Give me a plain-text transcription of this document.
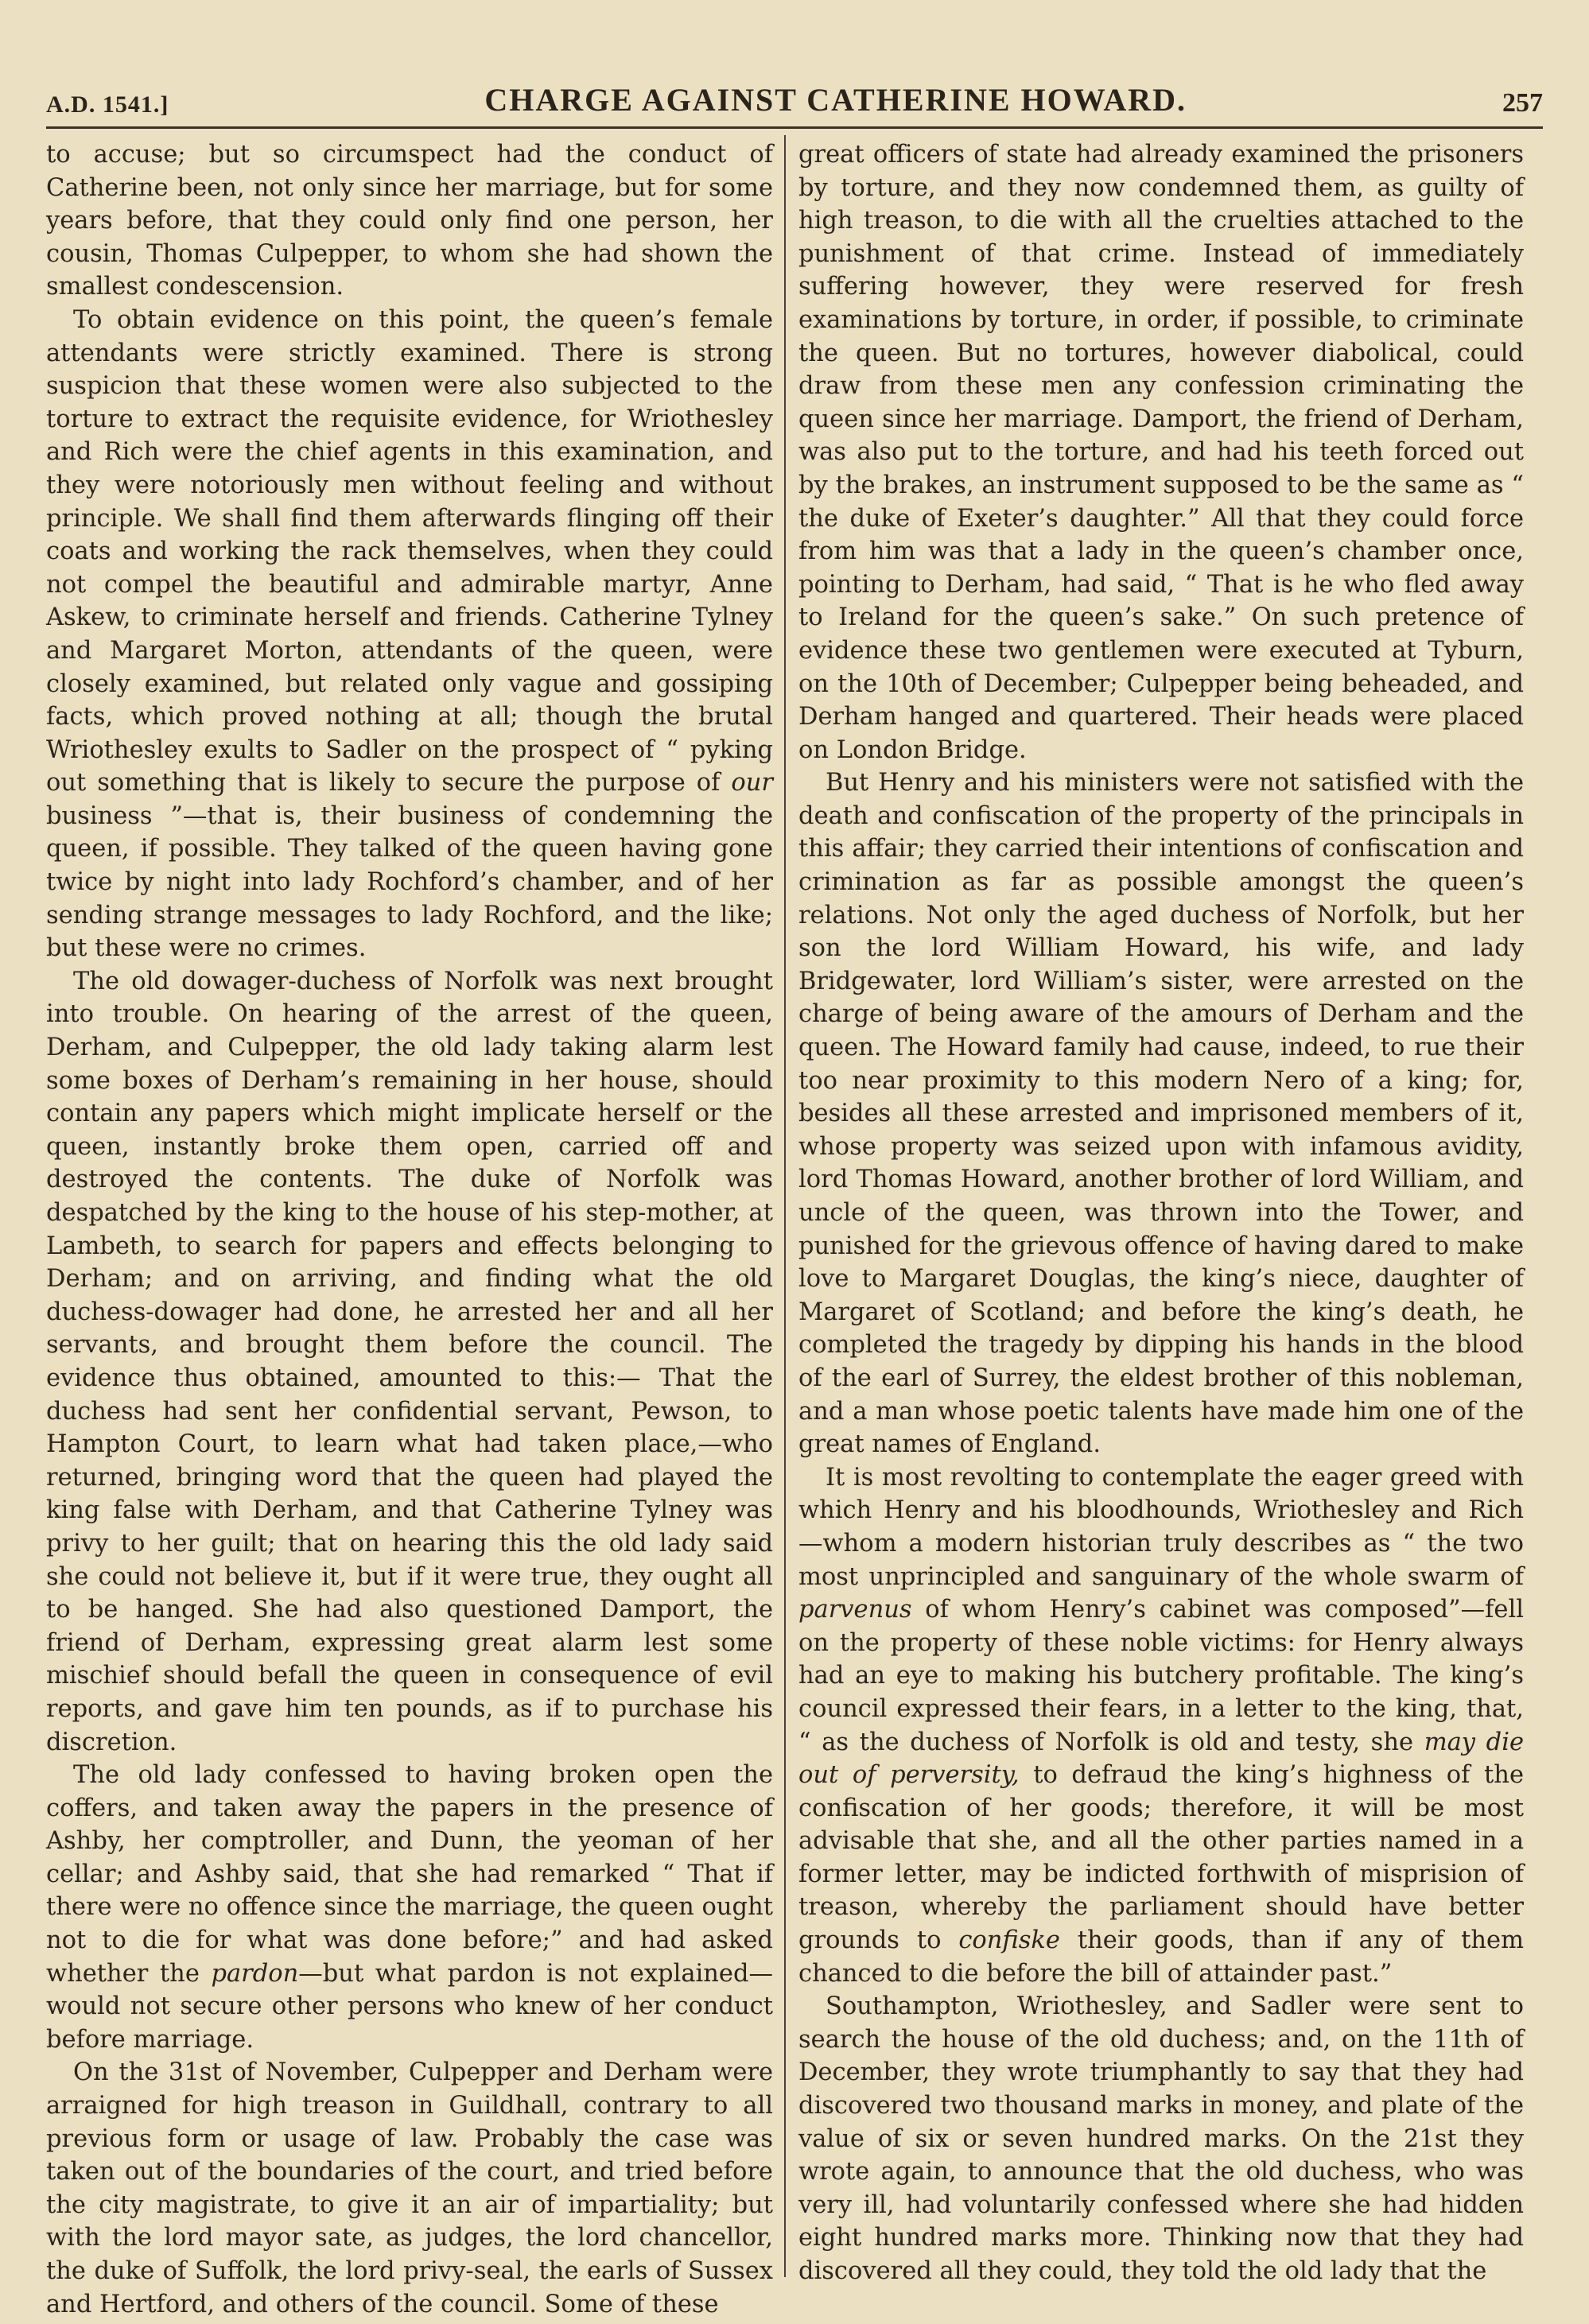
A.D. 1541.]	CHARGE AGAINST CATHERINE HOWARD.	257

to accuse; but so circumspect had the conduct of Catherine been, not only since her marriage, but for some years before, that they could only find one person, her cousin, Thomas Culpepper, to whom she had shown the smallest condescension.

To obtain evidence on this point, the queen’s female attendants were strictly examined. There is strong suspicion that these women were also subjected to the torture to extract the requisite evidence, for Wriothesley and Rich were the chief agents in this examination, and they were notoriously men without feeling and without principle. We shall find them afterwards flinging off their coats and working the rack themselves, when they could not compel the beautiful and admirable martyr, Anne Askew, to criminate herself and friends. Catherine Tylney and Margaret Morton, attendants of the queen, were closely examined, but related only vague and gossiping facts, which proved nothing at all; though the brutal Wriothesley exults to Sadler on the prospect of “ pyking out something that is likely to secure the purpose of our business ”—that is, their business of condemning the queen, if possible. They talked of the queen having gone twice by night into lady Rochford’s chamber, and of her sending strange messages to lady Rochford, and the like; but these were no crimes.

The old dowager-duchess of Norfolk was next brought into trouble. On hearing of the arrest of the queen, Derham, and Culpepper, the old lady taking alarm lest some boxes of Derham’s remaining in her house, should contain any papers which might implicate herself or the queen, instantly broke them open, carried off and destroyed the contents. The duke of Norfolk was despatched by the king to the house of his step-mother, at Lambeth, to search for papers and effects belonging to Derham; and on arriving, and finding what the old duchess-dowager had done, he arrested her and all her servants, and brought them before the council. The evidence thus obtained, amounted to this:— That the duchess had sent her confidential servant, Pewson, to Hampton Court, to learn what had taken place,—who returned, bringing word that the queen had played the king false with Derham, and that Catherine Tylney was privy to her guilt; that on hearing this the old lady said she could not believe it, but if it were true, they ought all to be hanged. She had also questioned Damport, the friend of Derham, expressing great alarm lest some mischief should befall the queen in consequence of evil reports, and gave him ten pounds, as if to purchase his discretion.

The old lady confessed to having broken open the coffers, and taken away the papers in the presence of Ashby, her comptroller, and Dunn, the yeoman of her cellar; and Ashby said, that she had remarked “ That if there were no offence since the marriage, the queen ought not to die for what was done before;” and had asked whether the pardon—but what pardon is not explained—would not secure other persons who knew of her conduct before marriage.

On the 31st of November, Culpepper and Derham were arraigned for high treason in Guildhall, contrary to all previous form or usage of law. Probably the case was taken out of the boundaries of the court, and tried before the city magistrate, to give it an air of impartiality; but with the lord mayor sate, as judges, the lord chancellor, the duke of Suffolk, the lord privy-seal, the earls of Sussex and Hertford, and others of the council. Some of these

great officers of state had already examined the prisoners by torture, and they now condemned them, as guilty of high treason, to die with all the cruelties attached to the punishment of that crime. Instead of immediately suffering however, they were reserved for fresh examinations by torture, in order, if possible, to criminate the queen. But no tortures, however diabolical, could draw from these men any confession criminating the queen since her marriage. Damport, the friend of Derham, was also put to the torture, and had his teeth forced out by the brakes, an instrument supposed to be the same as “ the duke of Exeter’s daughter.” All that they could force from him was that a lady in the queen’s chamber once, pointing to Derham, had said, “ That is he who fled away to Ireland for the queen’s sake.” On such pretence of evidence these two gentlemen were executed at Tyburn, on the 10th of December; Culpepper being beheaded, and Derham hanged and quartered. Their heads were placed on London Bridge.

But Henry and his ministers were not satisfied with the death and confiscation of the property of the principals in this affair; they carried their intentions of confiscation and crimination as far as possible amongst the queen’s relations. Not only the aged duchess of Norfolk, but her son the lord William Howard, his wife, and lady Bridgewater, lord William’s sister, were arrested on the charge of being aware of the amours of Derham and the queen. The Howard family had cause, indeed, to rue their too near proximity to this modern Nero of a king; for, besides all these arrested and imprisoned members of it, whose property was seized upon with infamous avidity, lord Thomas Howard, another brother of lord William, and uncle of the queen, was thrown into the Tower, and punished for the grievous offence of having dared to make love to Margaret Douglas, the king’s niece, daughter of Margaret of Scotland; and before the king’s death, he completed the tragedy by dipping his hands in the blood of the earl of Surrey, the eldest brother of this nobleman, and a man whose poetic talents have made him one of the great names of England.

It is most revolting to contemplate the eager greed with which Henry and his bloodhounds, Wriothesley and Rich —whom a modern historian truly describes as “ the two most unprincipled and sanguinary of the whole swarm of parvenus of whom Henry’s cabinet was composed”—fell on the property of these noble victims: for Henry always had an eye to making his butchery profitable. The king’s council expressed their fears, in a letter to the king, that, “ as the duchess of Norfolk is old and testy, she may die out of perversity, to defraud the king’s highness of the confiscation of her goods; therefore, it will be most advisable that she, and all the other parties named in a former letter, may be indicted forthwith of misprision of treason, whereby the parliament should have better grounds to confiske their goods, than if any of them chanced to die before the bill of attainder past.”

Southampton, Wriothesley, and Sadler were sent to search the house of the old duchess; and, on the 11th of December, they wrote triumphantly to say that they had discovered two thousand marks in money, and plate of the value of six or seven hundred marks. On the 21st they wrote again, to announce that the old duchess, who was very ill, had voluntarily confessed where she had hidden eight hundred marks more. Thinking now that they had discovered all they could, they told the old lady that the
